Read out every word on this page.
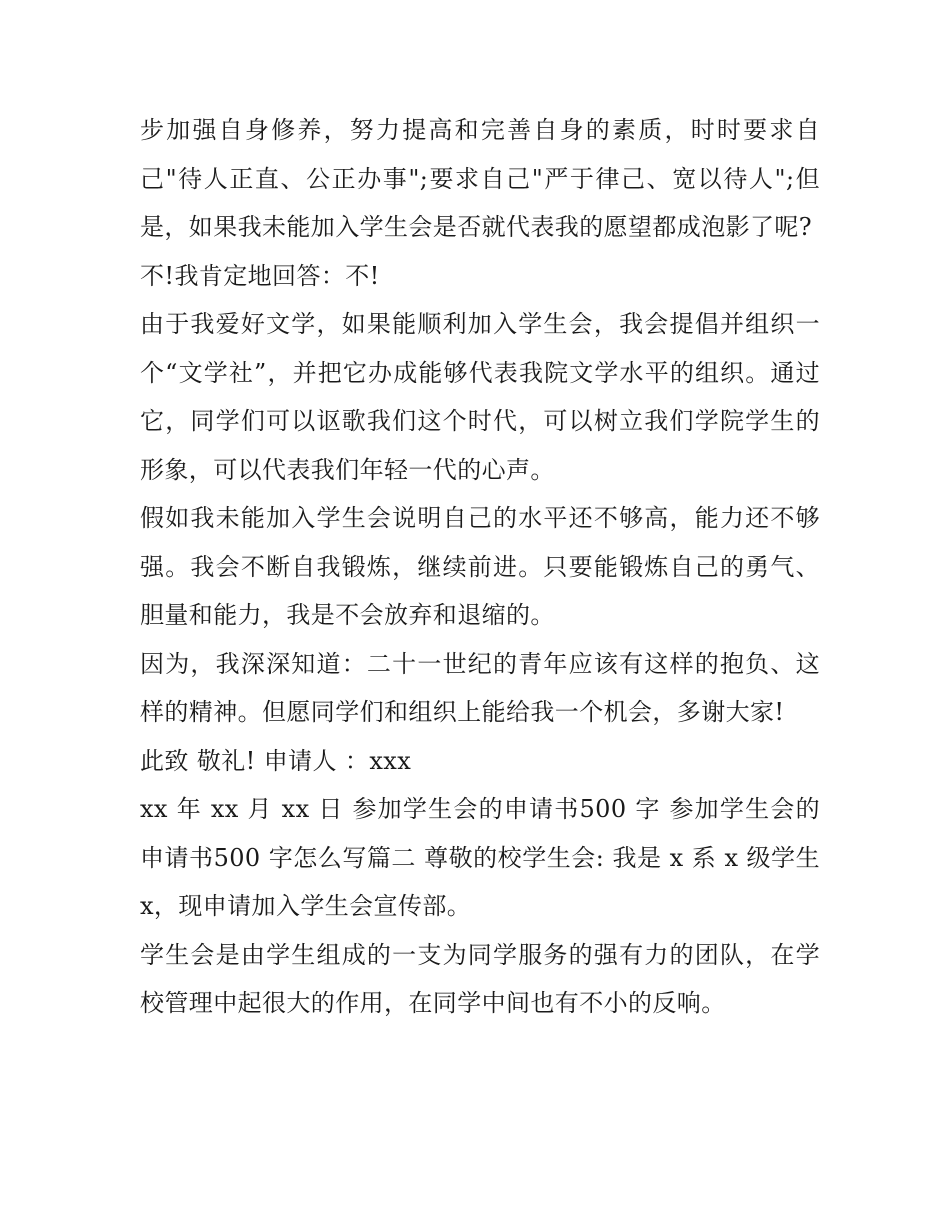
步加强自身修养，努力提高和完善自身的素质，时时要求自己"待人正直、公正办事";要求自己"严于律己、宽以待人";但是，如果我未能加入学生会是否就代表我的愿望都成泡影了呢?

不!我肯定地回答：不!

由于我爱好文学，如果能顺利加入学生会，我会提倡并组织一个“文学社”，并把它办成能够代表我院文学水平的组织。通过它，同学们可以讴歌我们这个时代，可以树立我们学院学生的形象，可以代表我们年轻一代的心声。

假如我未能加入学生会说明自己的水平还不够高，能力还不够强。我会不断自我锻炼，继续前进。只要能锻炼自己的勇气、胆量和能力，我是不会放弃和退缩的。

因为，我深深知道：二十一世纪的青年应该有这样的抱负、这样的精神。但愿同学们和组织上能给我一个机会，多谢大家!

此致 敬礼! 申请人 ：xxx

xx 年 xx 月 xx 日 参加学生会的申请书500 字 参加学生会的申请书500 字怎么写篇二 尊敬的校学生会: 我是 x 系 x 级学生x，现申请加入学生会宣传部。

学生会是由学生组成的一支为同学服务的强有力的团队，在学校管理中起很大的作用，在同学中间也有不小的反响。
